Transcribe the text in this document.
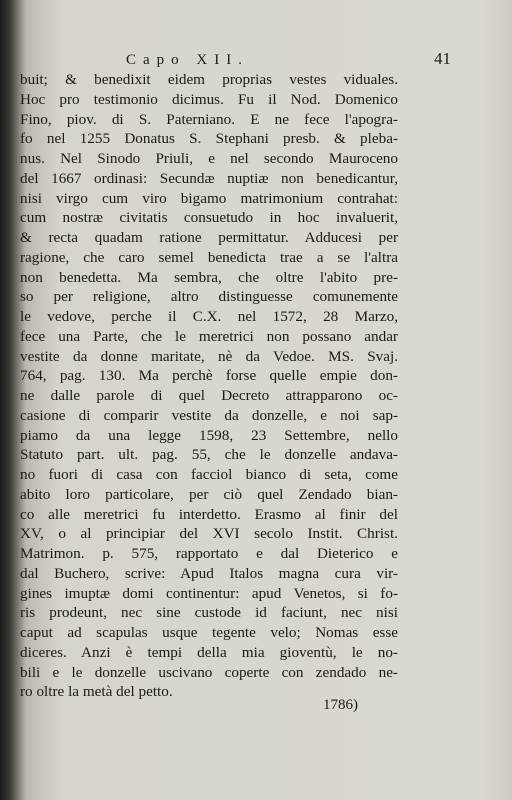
Capo XII.	41
buit; & benedixit eidem proprias vestes viduales.
Hoc pro testimonio dicimus. Fu il Nod. Domenico
Fino, piov. di S. Paterniano. E ne fece l'apogra-
fo nel 1255 Donatus S. Stephani presb. & pleba-
nus. Nel Sinodo Priuli, e nel secondo Maurocenо
del 1667 ordinasi: Secundæ nuptiæ non benedicantur,
nisi virgo cum viro bigamo matrimonium contrahat:
cum nostræ civitatis consuetudo in hoc invaluerit,
& recta quadam ratione permittatur. Adducesi per
ragione, che caro semel benedicta trae a se l'altra
non benedetta. Ma sembra, che oltre l'abito pre-
so per religione, altro distinguesse comunemente
le vedove, perche il C.X. nel 1572, 28 Marzo,
fece una Parte, che le meretrici non possano andar
vestite da donne maritate, nè da Vedoe. MS. Svaj.
764, pag. 130. Ma perchè forse quelle empie don-
ne dalle parole di quel Decreto attrapparono oc-
casione di comparir vestite da donzelle, e noi sap-
piamo da una legge 1598, 23 Settembre, nello
Statuto part. ult. pag. 55, che le donzelle andava-
no fuori di casa con facciol bianco di seta, come
abito loro particolare, per ciò quel Zendado bian-
co alle meretrici fu interdetto. Erasmo al finir del
XV, o al principiar del XVI secolo Instit. Christ.
Matrimon. p. 575, rapportato e dal Dieterico e
dal Buchero, scrive: Apud Italos magna cura vir-
gines imuptæ domi continentur: apud Venetos, si fo-
ris prodeunt, nec sine custode id faciunt, nec nisi
caput ad scapulas usque tegente velo; Nomas esse
diceres. Anzi è tempi della mia gioventù, le no-
bili e le donzelle uscivano coperte con zendado ne-
ro oltre la metà del petto.
1786)
